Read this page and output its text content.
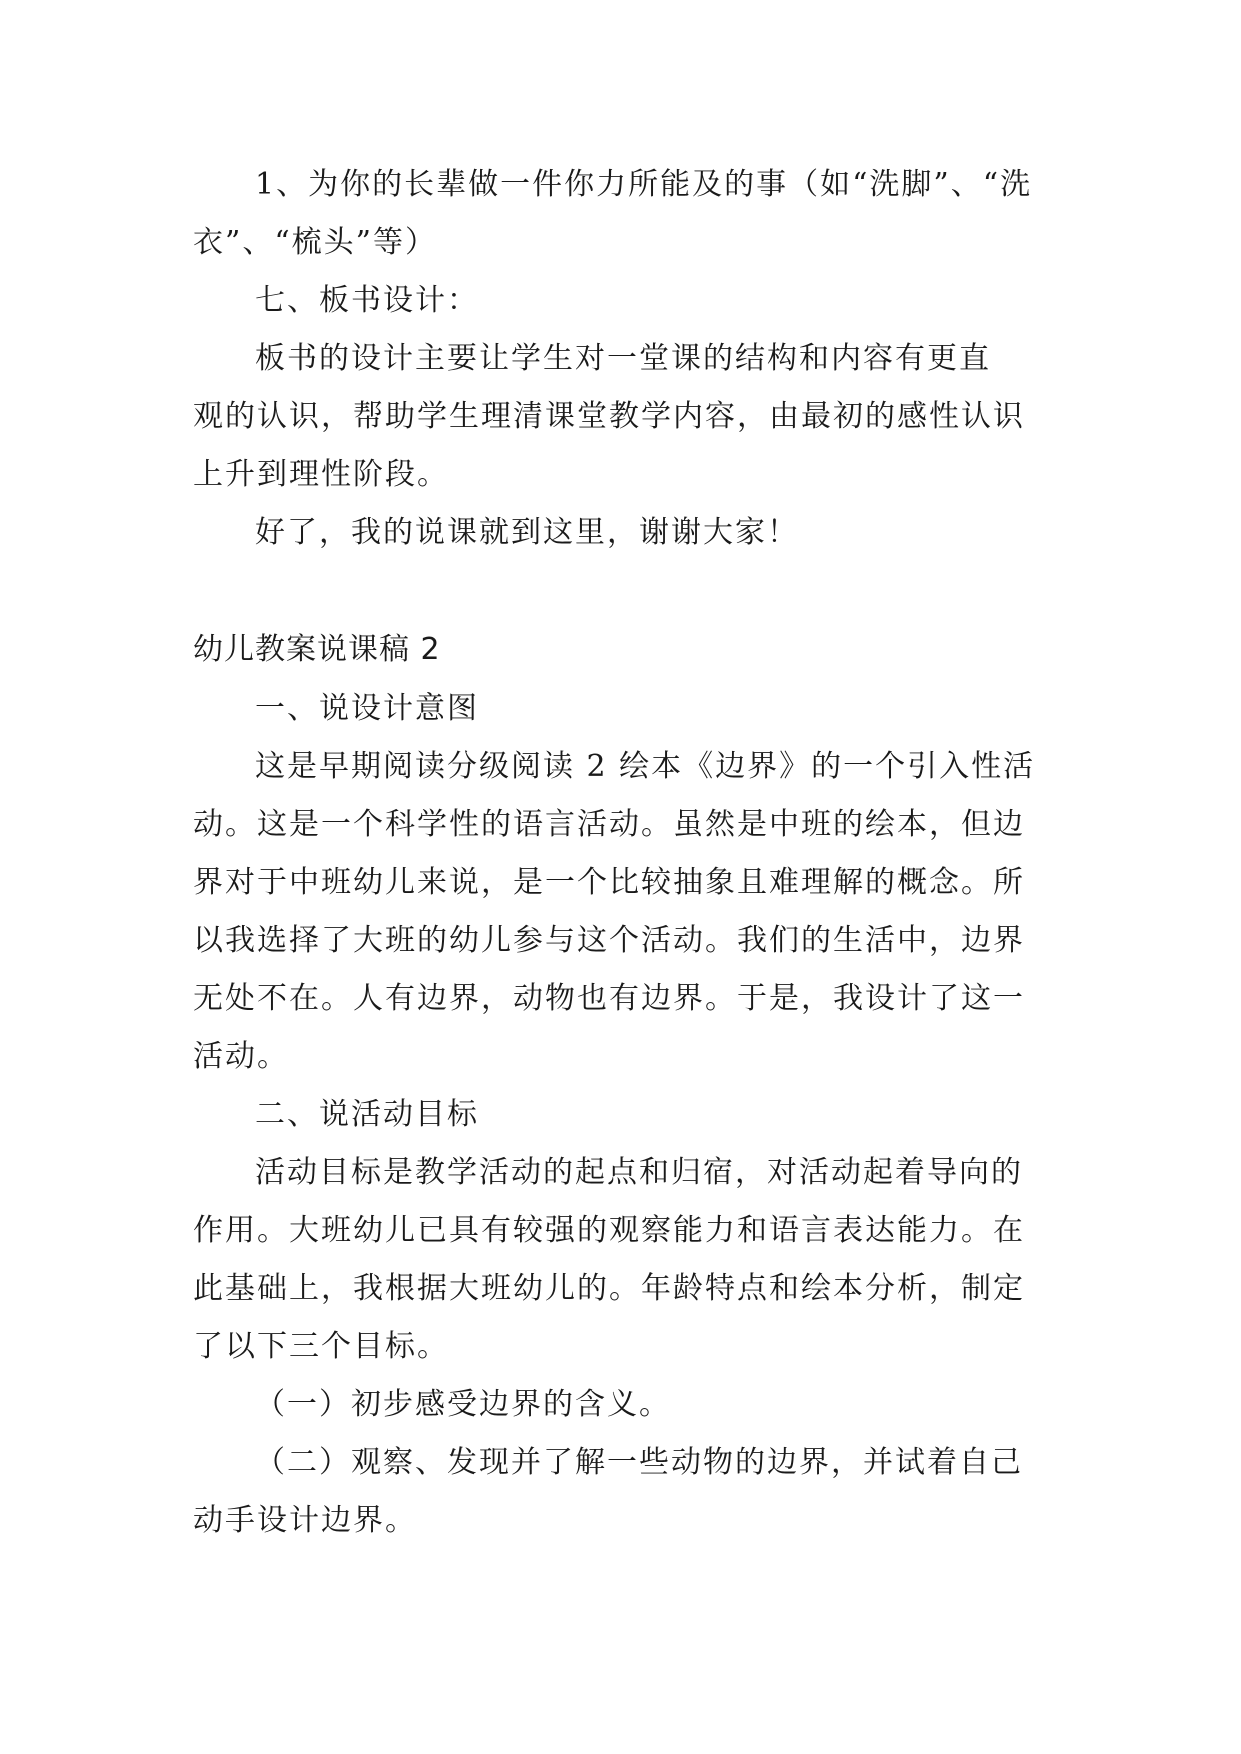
1、为你的长辈做一件你力所能及的事（如“洗脚”、“洗
衣”、“梳头”等）
七、板书设计：
板书的设计主要让学生对一堂课的结构和内容有更直
观的认识，帮助学生理清课堂教学内容，由最初的感性认识
上升到理性阶段。
好了，我的说课就到这里，谢谢大家！
幼儿教案说课稿 2
一、说设计意图
这是早期阅读分级阅读 2 绘本《边界》的一个引入性活
动。这是一个科学性的语言活动。虽然是中班的绘本，但边
界对于中班幼儿来说，是一个比较抽象且难理解的概念。所
以我选择了大班的幼儿参与这个活动。我们的生活中，边界
无处不在。人有边界，动物也有边界。于是，我设计了这一
活动。
二、说活动目标
活动目标是教学活动的起点和归宿，对活动起着导向的
作用。大班幼儿已具有较强的观察能力和语言表达能力。在
此基础上，我根据大班幼儿的。年龄特点和绘本分析，制定
了以下三个目标。
（一）初步感受边界的含义。
（二）观察、发现并了解一些动物的边界，并试着自己
动手设计边界。
